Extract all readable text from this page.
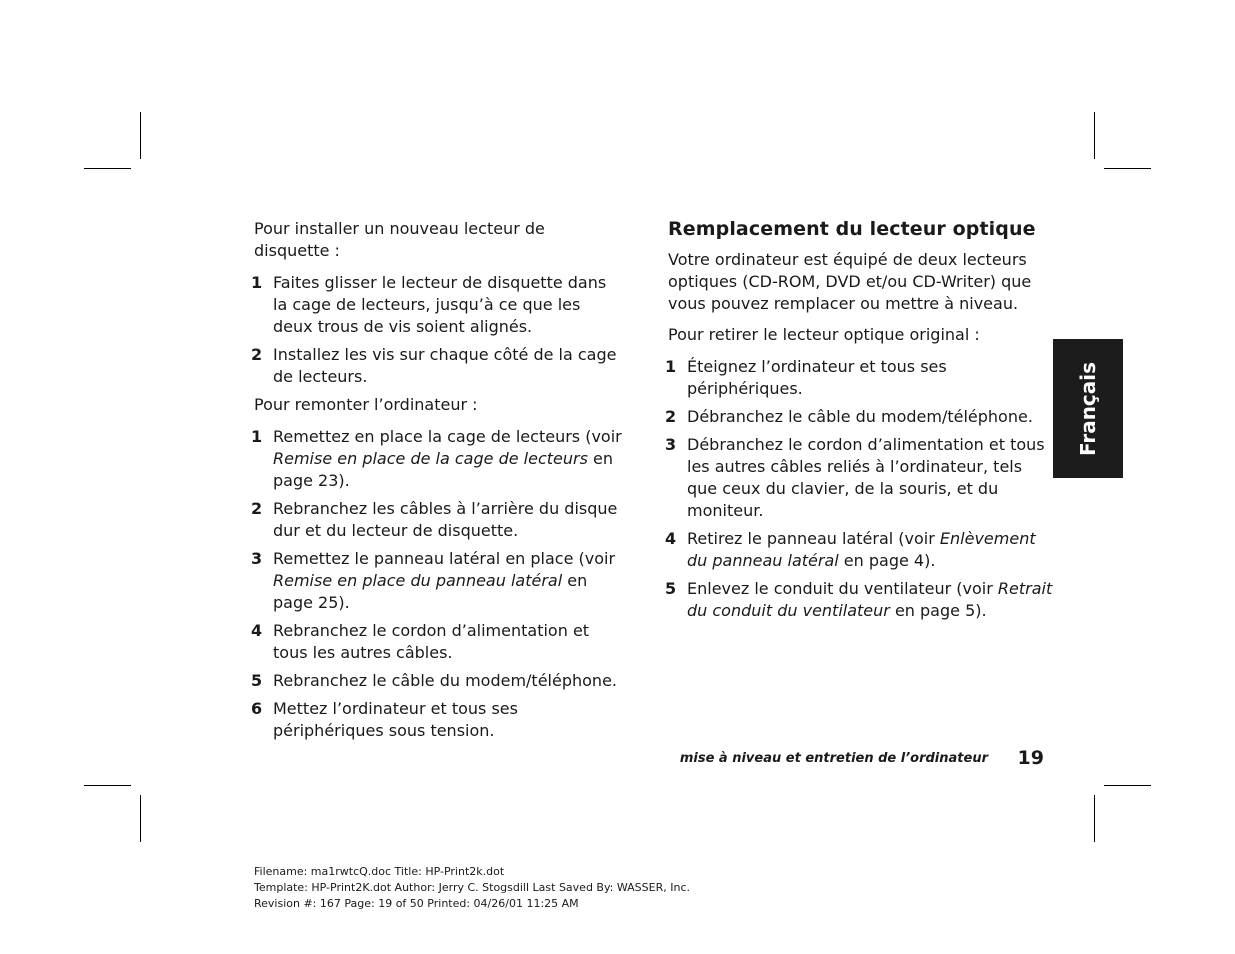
Pour installer un nouveau lecteur de disquette :

1 Faites glisser le lecteur de disquette dans la cage de lecteurs, jusqu’à ce que les deux trous de vis soient alignés.
2 Installez les vis sur chaque côté de la cage de lecteurs.

Pour remonter l’ordinateur :

1 Remettez en place la cage de lecteurs (voir Remise en place de la cage de lecteurs en page 23).
2 Rebranchez les câbles à l’arrière du disque dur et du lecteur de disquette.
3 Remettez le panneau latéral en place (voir Remise en place du panneau latéral en page 25).
4 Rebranchez le cordon d’alimentation et tous les autres câbles.
5 Rebranchez le câble du modem/téléphone.
6 Mettez l’ordinateur et tous ses périphériques sous tension.
Remplacement du lecteur optique

Votre ordinateur est équipé de deux lecteurs optiques (CD-ROM, DVD et/ou CD-Writer) que vous pouvez remplacer ou mettre à niveau.

Pour retirer le lecteur optique original :

1 Éteignez l’ordinateur et tous ses périphériques.
2 Débranchez le câble du modem/téléphone.
3 Débranchez le cordon d’alimentation et tous les autres câbles reliés à l’ordinateur, tels que ceux du clavier, de la souris, et du moniteur.
4 Retirez le panneau latéral (voir Enlèvement du panneau latéral en page 4).
5 Enlevez le conduit du ventilateur (voir Retrait du conduit du ventilateur en page 5).
Français
mise à niveau et entretien de l’ordinateur	19
Filename: ma1rwtcQ.doc Title: HP-Print2k.dot
Template: HP-Print2K.dot Author: Jerry C. Stogsdill Last Saved By: WASSER, Inc.
Revision #: 167 Page: 19 of 50 Printed: 04/26/01 11:25 AM
